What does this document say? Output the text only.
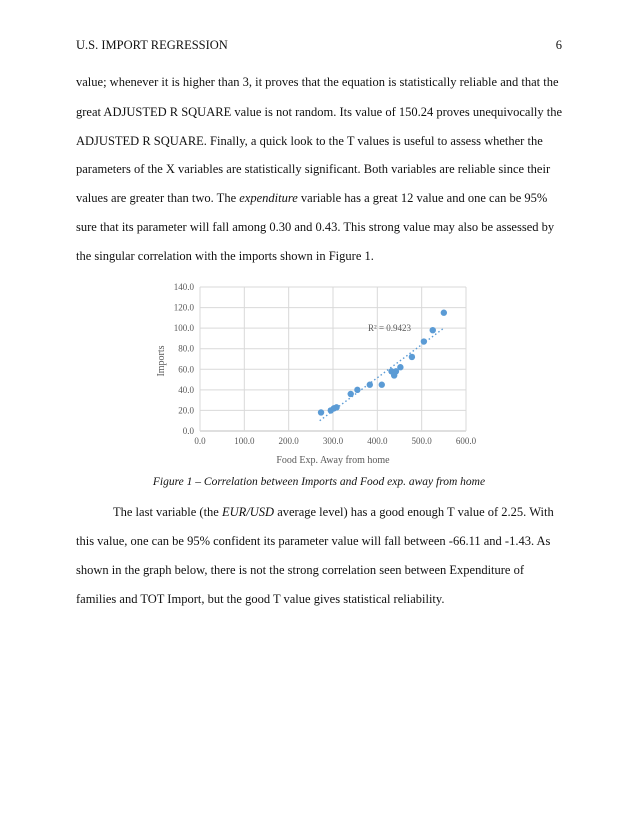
U.S. IMPORT REGRESSION	6
value; whenever it is higher than 3, it proves that the equation is statistically reliable and that the
great ADJUSTED R SQUARE value is not random. Its value of 150.24 proves unequivocally the
ADJUSTED R SQUARE. Finally, a quick look to the T values is useful to assess whether the
parameters of the X variables are statistically significant. Both variables are reliable since their
values are greater than two. The expenditure variable has a great 12 value and one can be 95%
sure that its parameter will fall among 0.30 and 0.43. This strong value may also be assessed by
the singular correlation with the imports shown in Figure 1.
0.0
20.0
40.0
60.0
80.0
100.0
120.0
140.0
0.0	100.0	200.0	300.0	400.0	500.0	600.0
R² = 0.9423
Food Exp. Away from home
Imports
Figure 1 – Correlation between Imports and Food exp. away from home
The last variable (the EUR/USD average level) has a good enough T value of 2.25. With
this value, one can be 95% confident its parameter value will fall between -66.11 and -1.43. As
shown in the graph below, there is not the strong correlation seen between Expenditure of
families and TOT Import, but the good T value gives statistical reliability.
